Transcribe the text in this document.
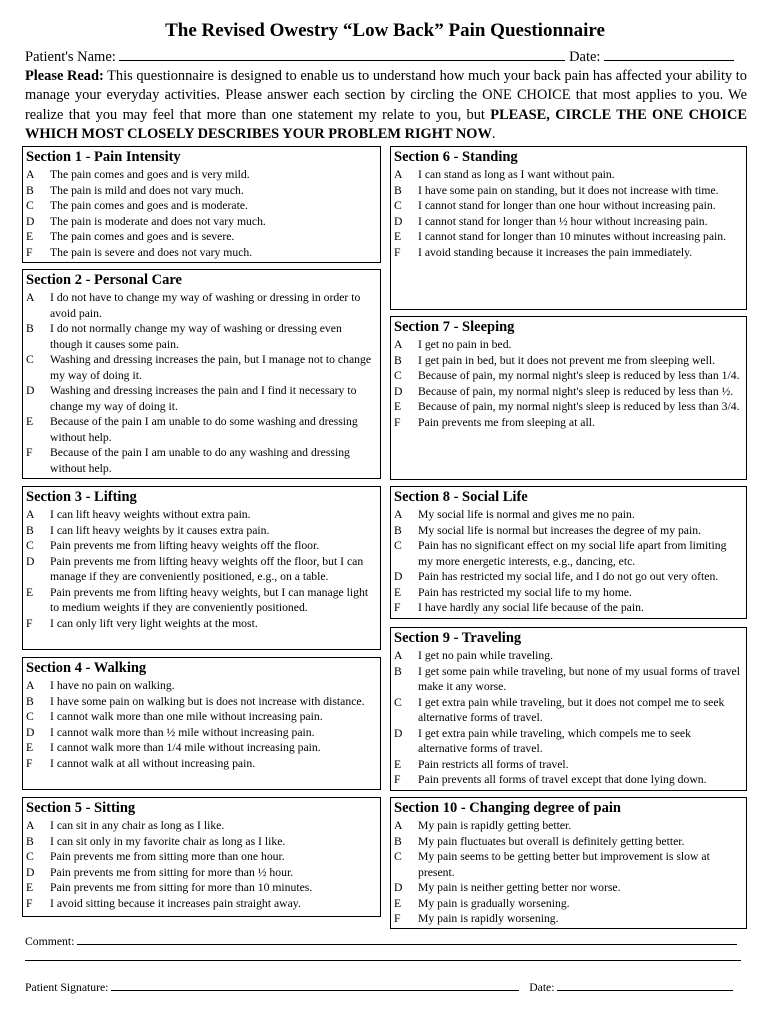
The Revised Owestry “Low Back” Pain Questionnaire
Patient's Name:	Date:
Please Read: This questionnaire is designed to enable us to understand how much your back pain has affected your ability to manage your everyday activities. Please answer each section by circling the ONE CHOICE that most applies to you. We realize that you may feel that more than one statement my relate to you, but PLEASE, CIRCLE THE ONE CHOICE WHICH MOST CLOSELY DESCRIBES YOUR PROBLEM RIGHT NOW.
Section 1 - Pain Intensity
A	The pain comes and goes and is very mild.
B	The pain is mild and does not vary much.
C	The pain comes and goes and is moderate.
D	The pain is moderate and does not vary much.
E	The pain comes and goes and is severe.
F	The pain is severe and does not vary much.
Section 2 - Personal Care
A	I do not have to change my way of washing or dressing in order to avoid pain.
B	I do not normally change my way of washing or dressing even though it causes some pain.
C	Washing and dressing increases the pain, but I manage not to change my way of doing it.
D	Washing and dressing increases the pain and I find it necessary to change my way of doing it.
E	Because of the pain I am unable to do some washing and dressing without help.
F	Because of the pain I am unable to do any washing and dressing without help.
Section 3 - Lifting
A	I can lift heavy weights without extra pain.
B	I can lift heavy weights by it causes extra pain.
C	Pain prevents me from lifting heavy weights off the floor.
D	Pain prevents me from lifting heavy weights off the floor, but I can manage if they are conveniently positioned, e.g., on a table.
E	Pain prevents me from lifting heavy weights, but I can manage light to medium weights if they are conveniently positioned.
F	I can only lift very light weights at the most.
Section 4 - Walking
A	I have no pain on walking.
B	I have some pain on walking but is does not increase with distance.
C	I cannot walk more than one mile without increasing pain.
D	I cannot walk more than ½ mile without increasing pain.
E	I cannot walk more than 1/4 mile without increasing pain.
F	I cannot walk at all without increasing pain.
Section 5 - Sitting
A	I can sit in any chair as long as I like.
B	I can sit only in my favorite chair as long as I like.
C	Pain prevents me from sitting more than one hour.
D	Pain prevents me from sitting for more than ½ hour.
E	Pain prevents me from sitting for more than 10 minutes.
F	I avoid sitting because it increases pain straight away.
Section 6 - Standing
A	I can stand as long as I want without pain.
B	I have some pain on standing, but it does not increase with time.
C	I cannot stand for longer than one hour without increasing pain.
D	I cannot stand for longer than ½ hour without increasing pain.
E	I cannot stand for longer than 10 minutes without increasing pain.
F	I avoid standing because it increases the pain immediately.
Section 7 - Sleeping
A	I get no pain in bed.
B	I get pain in bed, but it does not prevent me from sleeping well.
C	Because of pain, my normal night's sleep is reduced by less than 1/4.
D	Because of pain, my normal night's sleep is reduced by less than ½.
E	Because of pain, my normal night's sleep is reduced by less than 3/4.
F	Pain prevents me from sleeping at all.
Section 8 - Social Life
A	My social life is normal and gives me no pain.
B	My social life is normal but increases the degree of my pain.
C	Pain has no significant effect on my social life apart from limiting my more energetic interests, e.g., dancing, etc.
D	Pain has restricted my social life, and I do not go out very often.
E	Pain has restricted my social life to my home.
F	I have hardly any social life because of the pain.
Section 9 - Traveling
A	I get no pain while traveling.
B	I get some pain while traveling, but none of my usual forms of travel make it any worse.
C	I get extra pain while traveling, but it does not compel me to seek alternative forms of travel.
D	I get extra pain while traveling, which compels me to seek alternative forms of travel.
E	Pain restricts all forms of travel.
F	Pain prevents all forms of travel except that done lying down.
Section 10 - Changing degree of pain
A	My pain is rapidly getting better.
B	My pain fluctuates but overall is definitely getting better.
C	My pain seems to be getting better but improvement is slow at present.
D	My pain is neither getting better nor worse.
E	My pain is gradually worsening.
F	My pain is rapidly worsening.
Comment:
Patient Signature:	Date:
